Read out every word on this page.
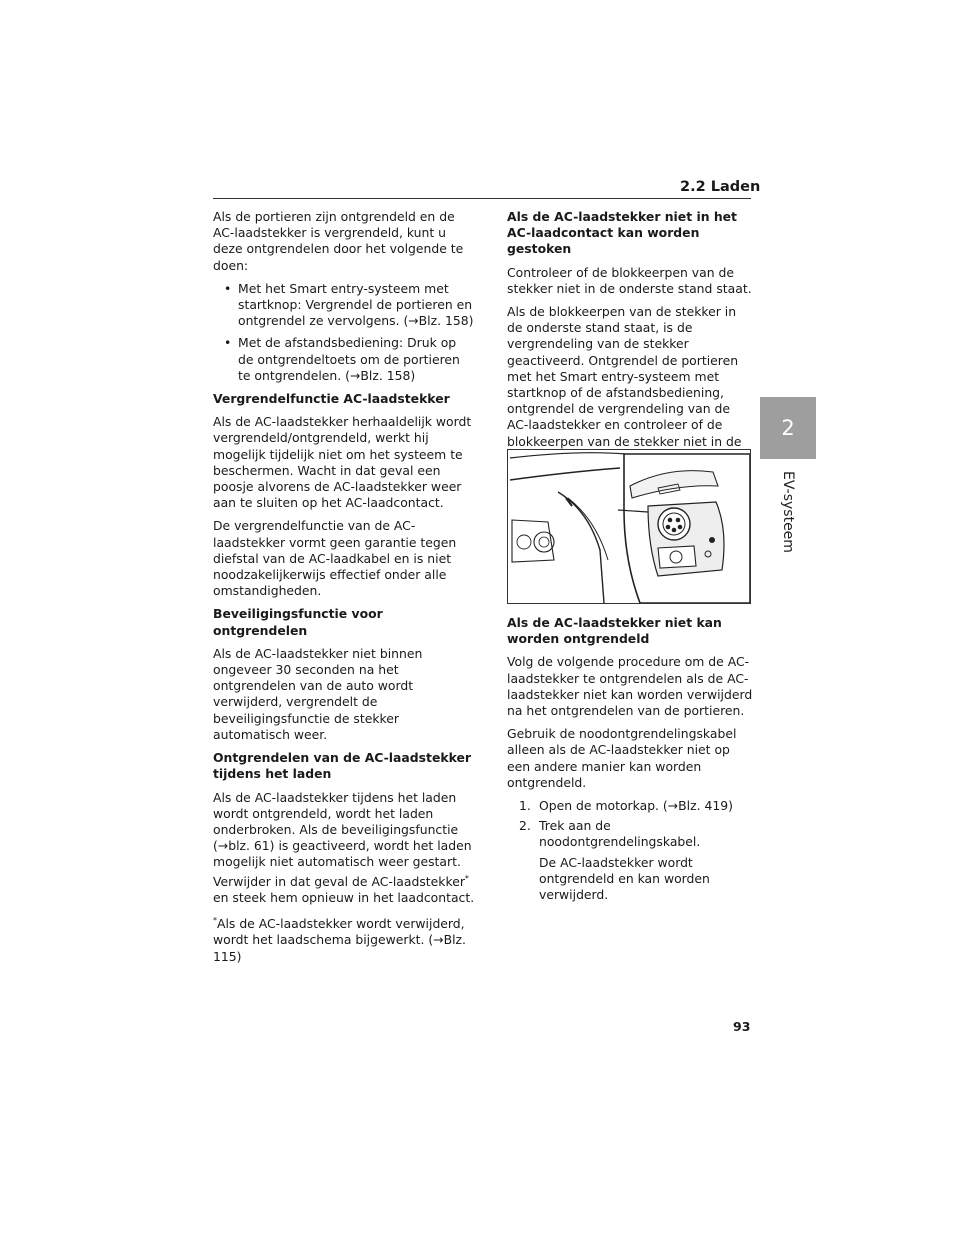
2.2 Laden
2
EV-systeem

Als de portieren zijn ontgrendeld en de AC-laadstekker is vergrendeld, kunt u deze ontgrendelen door het volgende te doen:

• Met het Smart entry-systeem met startknop: Vergrendel de portieren en ontgrendel ze vervolgens. (→Blz. 158)
• Met de afstandsbediening: Druk op de ontgrendeltoets om de portieren te ontgrendelen. (→Blz. 158)

Vergrendelfunctie AC-laadstekker

Als de AC-laadstekker herhaaldelijk wordt vergrendeld/ontgrendeld, werkt hij mogelijk tijdelijk niet om het systeem te beschermen. Wacht in dat geval een poosje alvorens de AC-laadstekker weer aan te sluiten op het AC-laadcontact.

De vergrendelfunctie van de AC-laadstekker vormt geen garantie tegen diefstal van de AC-laadkabel en is niet noodzakelijkerwijs effectief onder alle omstandigheden.

Beveiligingsfunctie voor ontgrendelen

Als de AC-laadstekker niet binnen ongeveer 30 seconden na het ontgrendelen van de auto wordt verwijderd, vergrendelt de beveiligingsfunctie de stekker automatisch weer.

Ontgrendelen van de AC-laadstekker tijdens het laden

Als de AC-laadstekker tijdens het laden wordt ontgrendeld, wordt het laden onderbroken. Als de beveiligingsfunctie (→blz. 61) is geactiveerd, wordt het laden mogelijk niet automatisch weer gestart. Verwijder in dat geval de AC-laadstekker* en steek hem opnieuw in het laadcontact.

*Als de AC-laadstekker wordt verwijderd, wordt het laadschema bijgewerkt. (→Blz. 115)

Als de AC-laadstekker niet in het AC-laadcontact kan worden gestoken

Controleer of de blokkeerpen van de stekker niet in de onderste stand staat.

Als de blokkeerpen van de stekker in de onderste stand staat, is de vergrendeling van de stekker geactiveerd. Ontgrendel de portieren met het Smart entry-systeem met startknop of de afstandsbediening, ontgrendel de vergrendeling van de AC-laadstekker en controleer of de blokkeerpen van de stekker niet in de

Als de AC-laadstekker niet kan worden ontgrendeld

Volg de volgende procedure om de AC-laadstekker te ontgrendelen als de AC-laadstekker niet kan worden verwijderd na het ontgrendelen van de portieren.

Gebruik de noodontgrendelingskabel alleen als de AC-laadstekker niet op een andere manier kan worden ontgrendeld.

1. Open de motorkap. (→Blz. 419)
2. Trek aan de noodontgrendelingskabel.

De AC-laadstekker wordt ontgrendeld en kan worden verwijderd.

93
